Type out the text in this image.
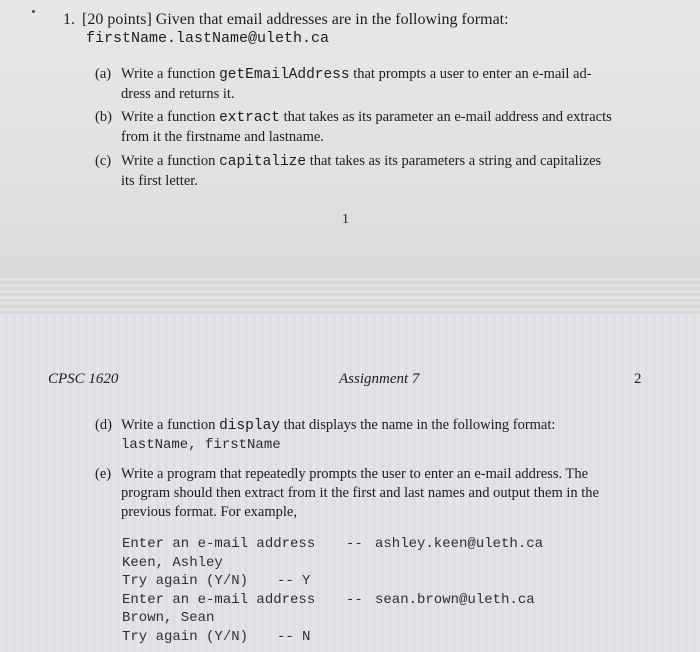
1. [20 points] Given that email addresses are in the following format:
firstName.lastName@uleth.ca
(a) Write a function getEmailAddress that prompts a user to enter an e-mail ad-
dress and returns it.
(b) Write a function extract that takes as its parameter an e-mail address and extracts
from it the firstname and lastname.
(c) Write a function capitalize that takes as its parameters a string and capitalizes
its first letter.
1
CPSC 1620	Assignment 7	2
(d) Write a function display that displays the name in the following format:
lastName, firstName
(e) Write a program that repeatedly prompts the user to enter an e-mail address. The
program should then extract from it the first and last names and output them in the
previous format. For example,
Enter an e-mail address -- ashley.keen@uleth.ca
Keen, Ashley
Try again (Y/N) -- Y
Enter an e-mail address -- sean.brown@uleth.ca
Brown, Sean
Try again (Y/N) -- N
